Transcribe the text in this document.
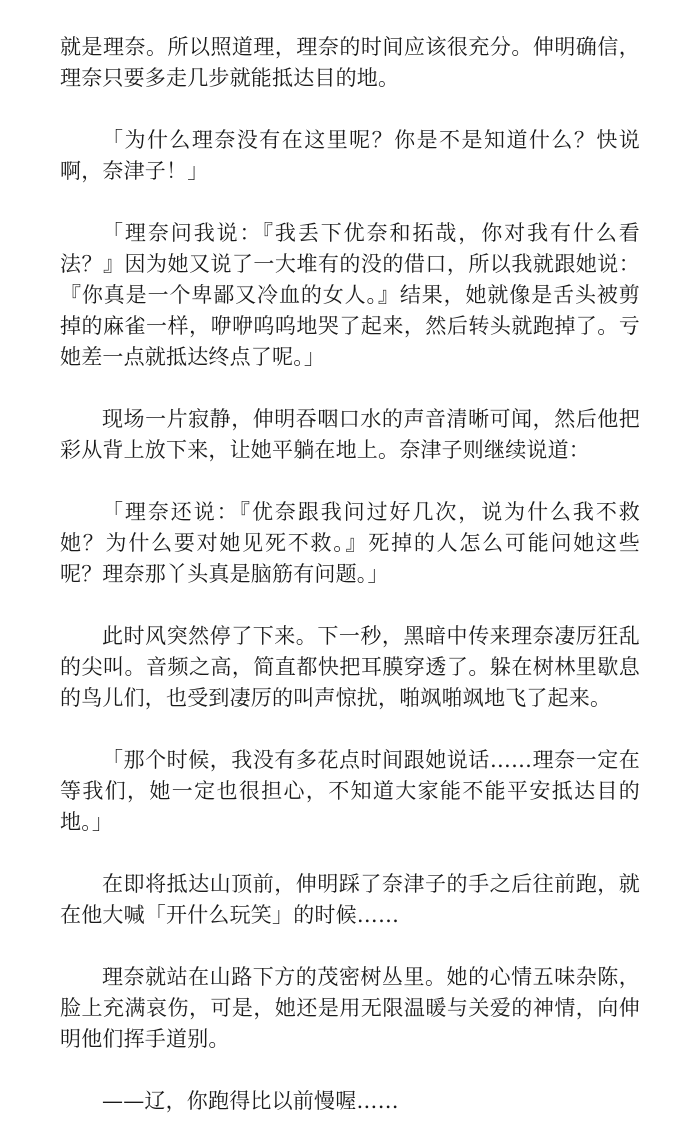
就是理奈。所以照道理，理奈的时间应该很充分。伸明确信，理奈只要多走几步就能抵达目的地。

「为什么理奈没有在这里呢？你是不是知道什么？快说啊，奈津子！」

「理奈问我说：『我丢下优奈和拓哉，你对我有什么看法？』因为她又说了一大堆有的没的借口，所以我就跟她说：『你真是一个卑鄙又冷血的女人。』结果，她就像是舌头被剪掉的麻雀一样，咿咿呜呜地哭了起来，然后转头就跑掉了。亏她差一点就抵达终点了呢。」

现场一片寂静，伸明吞咽口水的声音清晰可闻，然后他把彩从背上放下来，让她平躺在地上。奈津子则继续说道：

「理奈还说：『优奈跟我问过好几次，说为什么我不救她？为什么要对她见死不救。』死掉的人怎么可能问她这些呢？理奈那丫头真是脑筋有问题。」

此时风突然停了下来。下一秒，黑暗中传来理奈凄厉狂乱的尖叫。音频之高，简直都快把耳膜穿透了。躲在树林里歇息的鸟儿们，也受到凄厉的叫声惊扰，啪飒啪飒地飞了起来。

「那个时候，我没有多花点时间跟她说话……理奈一定在等我们，她一定也很担心，不知道大家能不能平安抵达目的地。」

在即将抵达山顶前，伸明踩了奈津子的手之后往前跑，就在他大喊「开什么玩笑」的时候……

理奈就站在山路下方的茂密树丛里。她的心情五味杂陈，脸上充满哀伤，可是，她还是用无限温暖与关爱的神情，向伸明他们挥手道别。

——辽，你跑得比以前慢喔……
